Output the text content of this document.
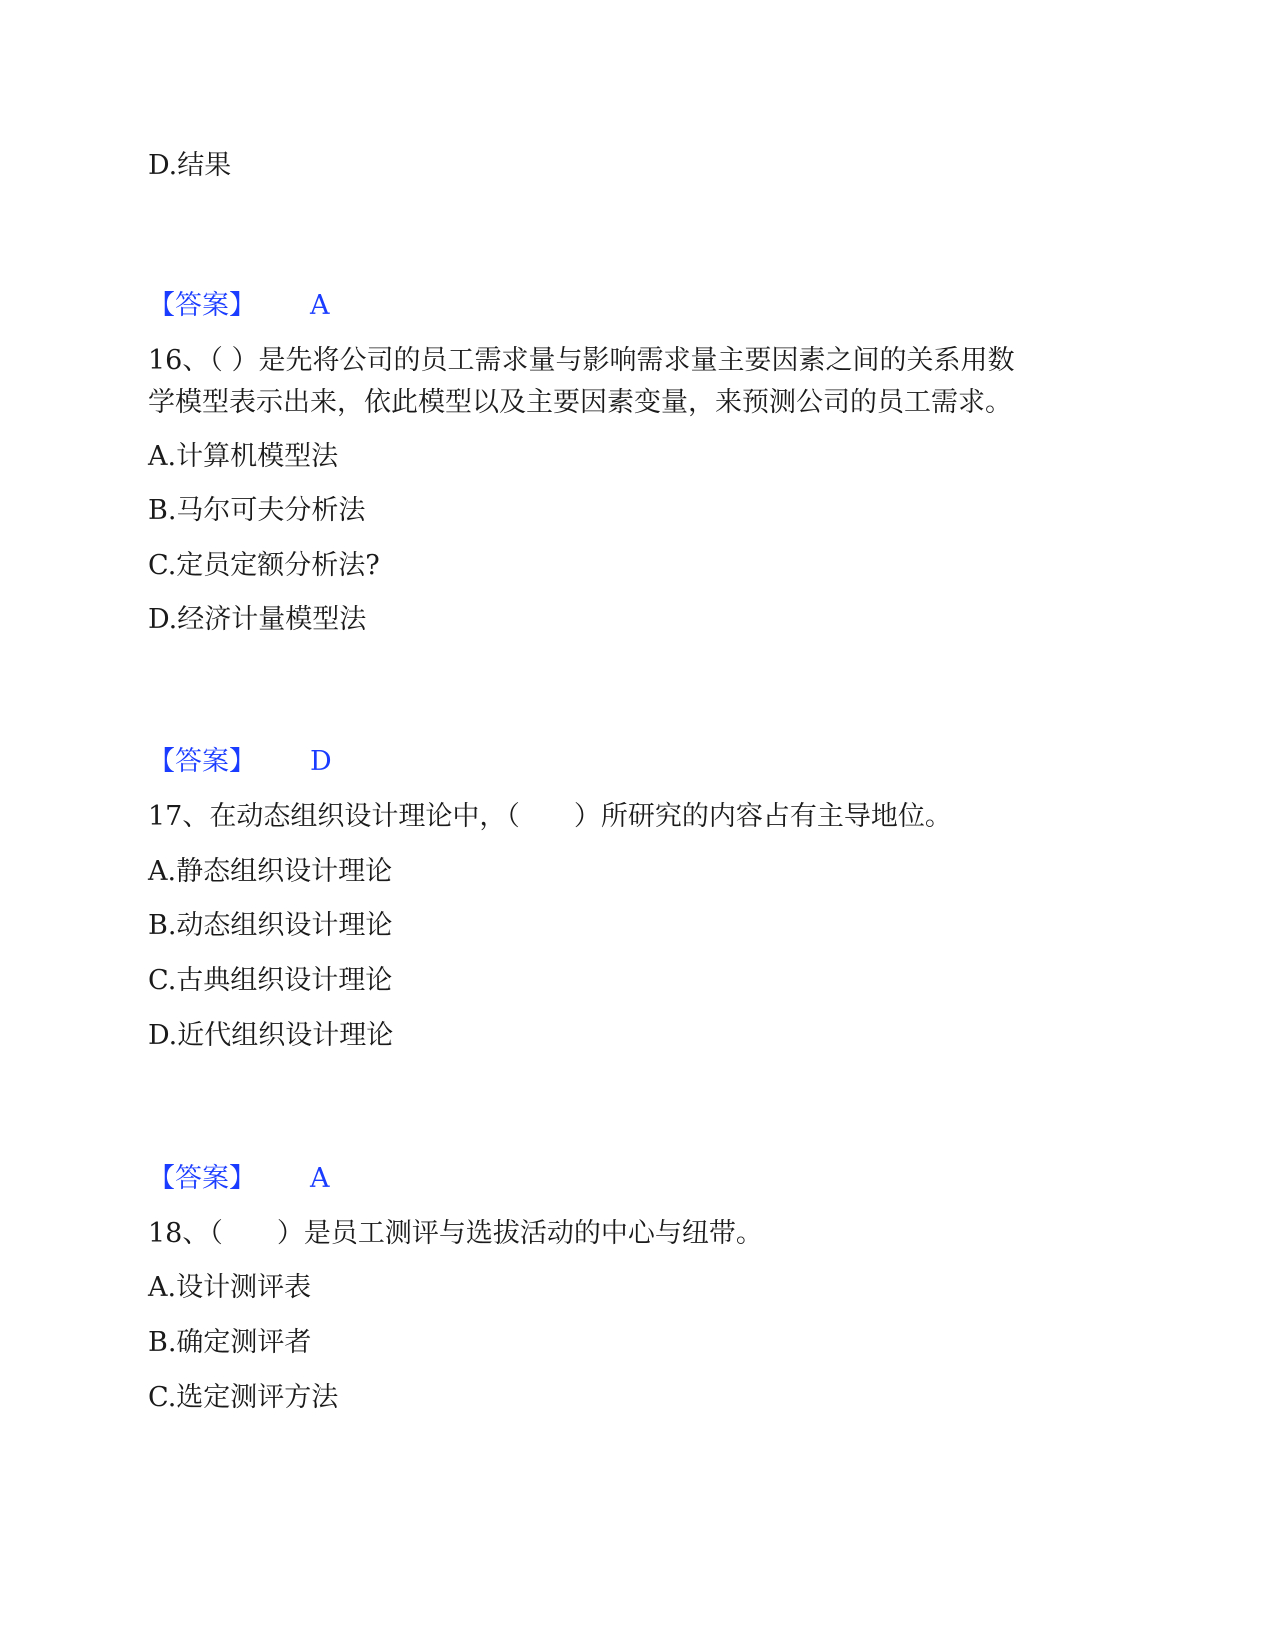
D.结果
【答案】 A
16、（ ）是先将公司的员工需求量与影响需求量主要因素之间的关系用数
学模型表示出来，依此模型以及主要因素变量，来预测公司的员工需求。
A.计算机模型法
B.马尔可夫分析法
C.定员定额分析法?
D.经济计量模型法
【答案】 D
17、在动态组织设计理论中，（　　）所研究的内容占有主导地位。
A.静态组织设计理论
B.动态组织设计理论
C.古典组织设计理论
D.近代组织设计理论
【答案】 A
18、（　　）是员工测评与选拔活动的中心与纽带。
A.设计测评表
B.确定测评者
C.选定测评方法
